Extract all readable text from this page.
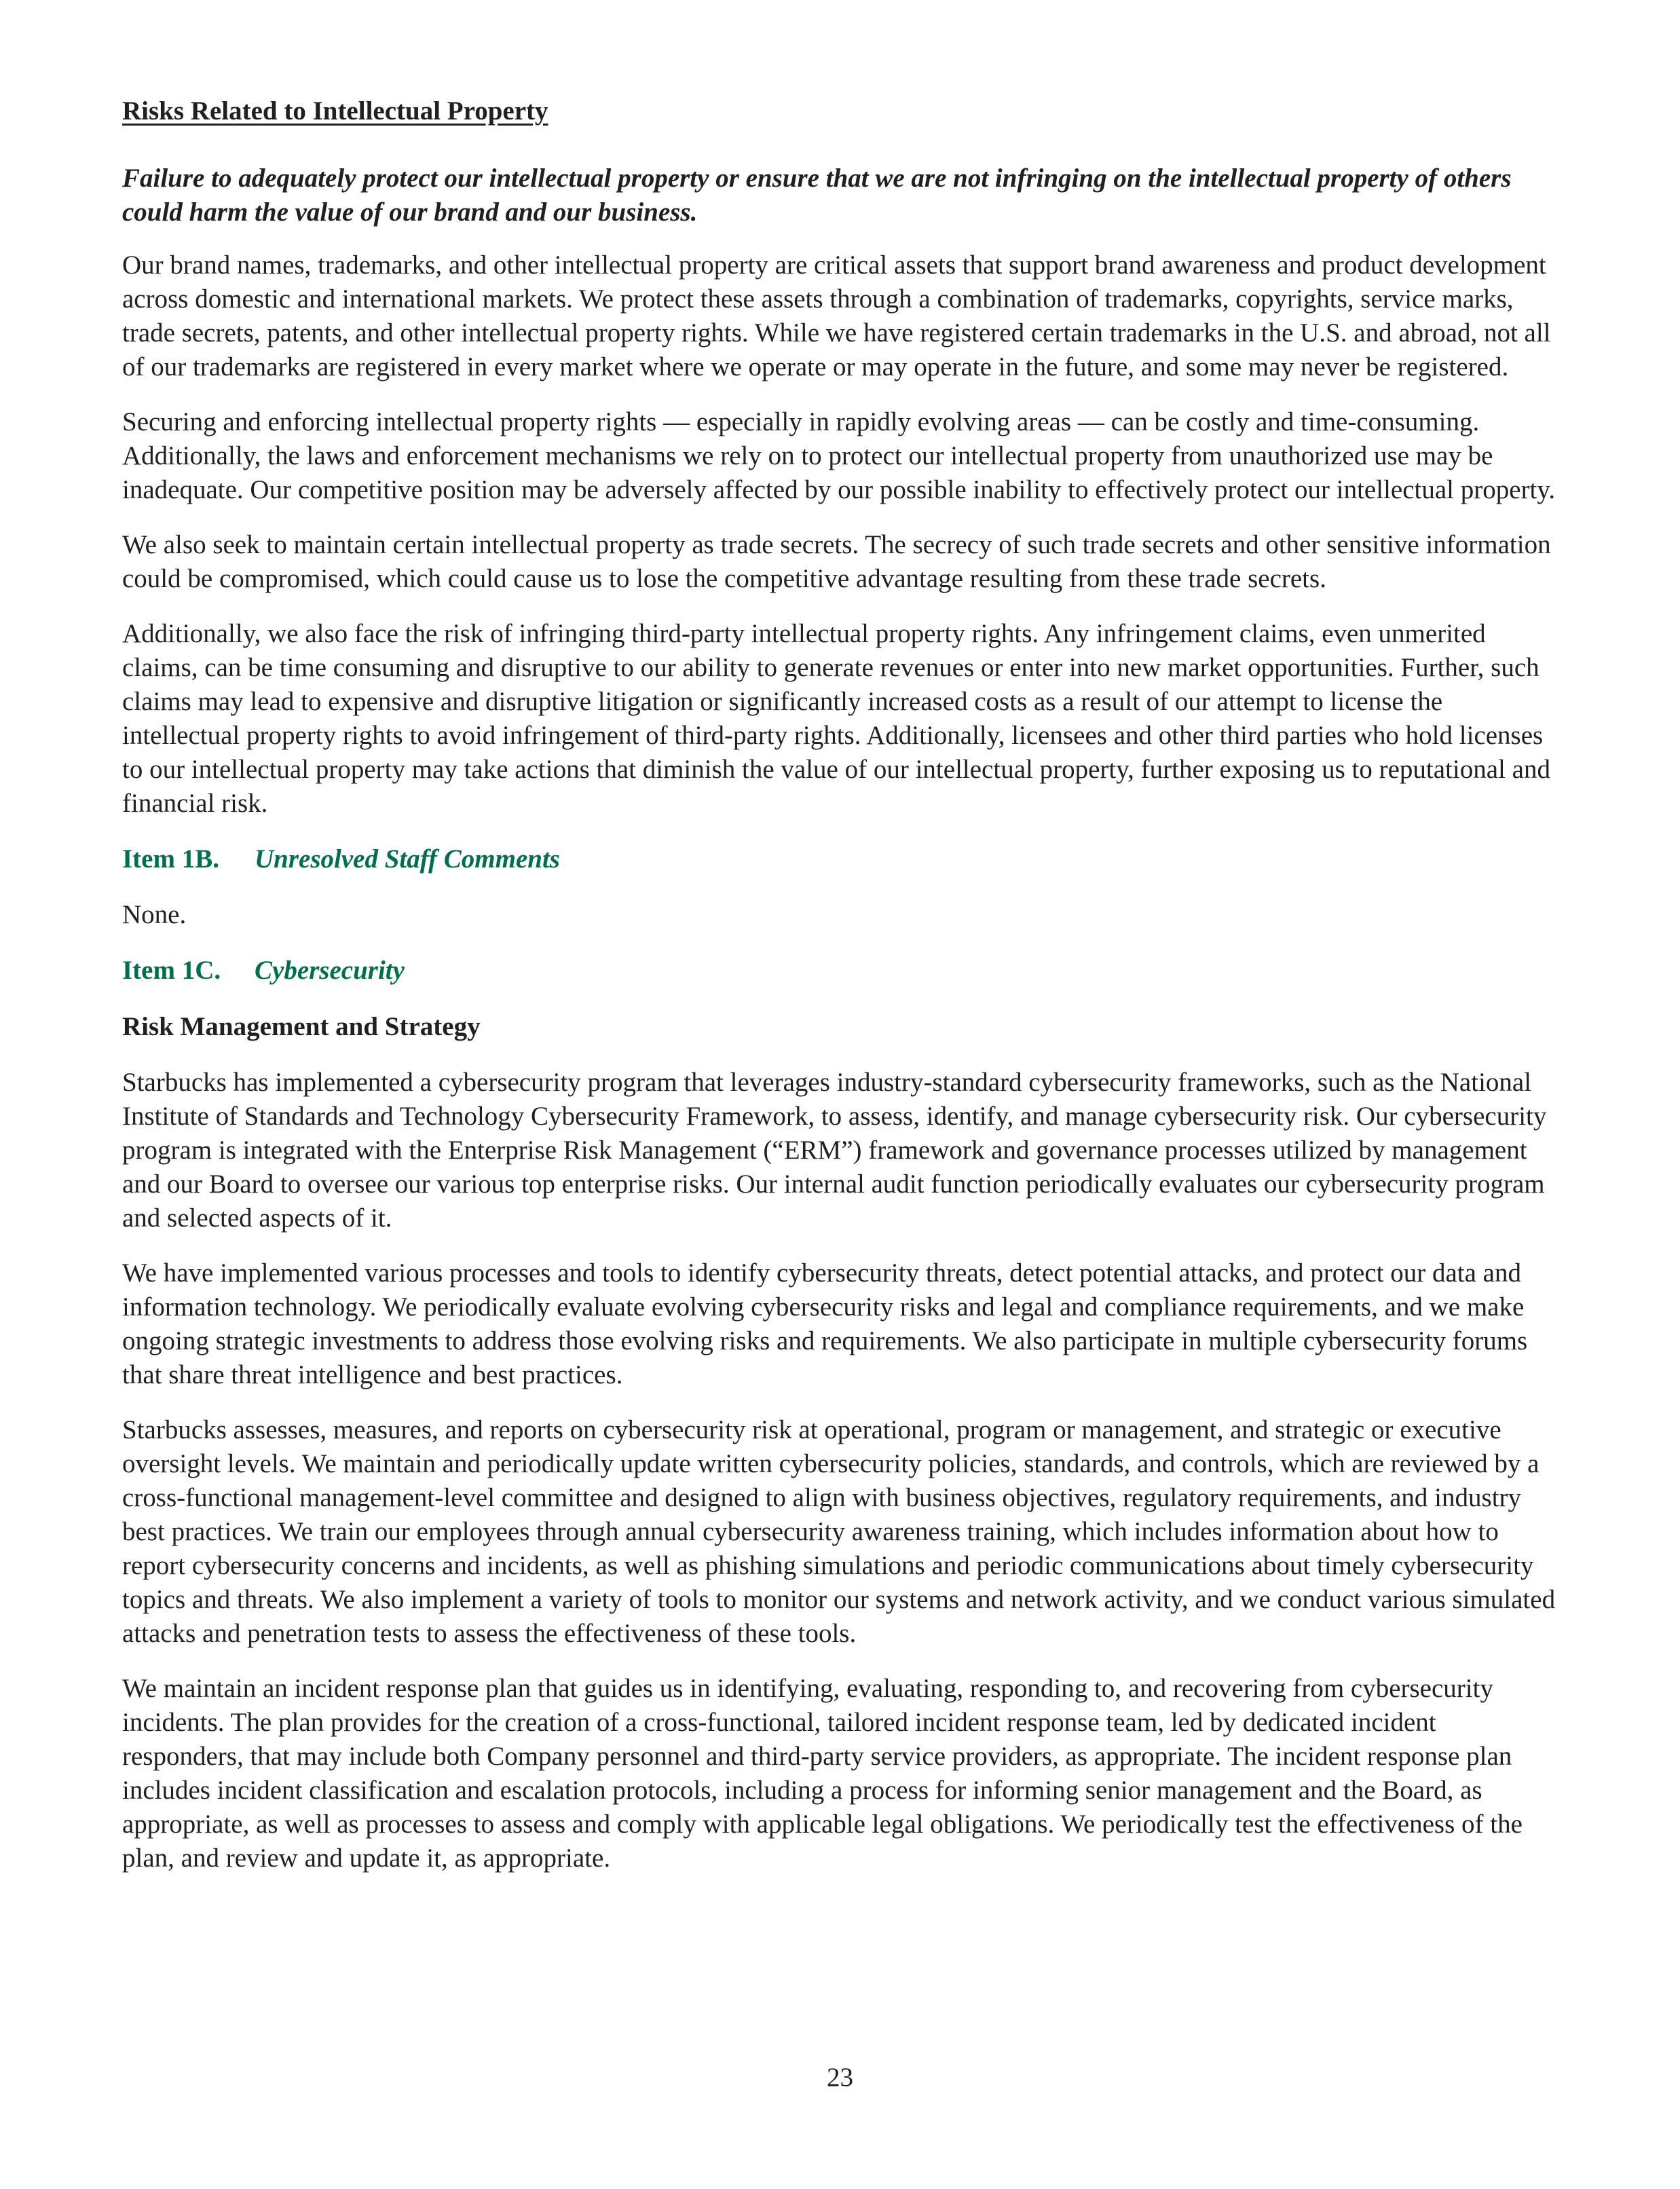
Risks Related to Intellectual Property
Failure to adequately protect our intellectual property or ensure that we are not infringing on the intellectual property of others could harm the value of our brand and our business.

Our brand names, trademarks, and other intellectual property are critical assets that support brand awareness and product development across domestic and international markets. We protect these assets through a combination of trademarks, copyrights, service marks, trade secrets, patents, and other intellectual property rights. While we have registered certain trademarks in the U.S. and abroad, not all of our trademarks are registered in every market where we operate or may operate in the future, and some may never be registered.

Securing and enforcing intellectual property rights — especially in rapidly evolving areas — can be costly and time-consuming. Additionally, the laws and enforcement mechanisms we rely on to protect our intellectual property from unauthorized use may be inadequate. Our competitive position may be adversely affected by our possible inability to effectively protect our intellectual property.

We also seek to maintain certain intellectual property as trade secrets. The secrecy of such trade secrets and other sensitive information could be compromised, which could cause us to lose the competitive advantage resulting from these trade secrets.

Additionally, we also face the risk of infringing third-party intellectual property rights. Any infringement claims, even unmerited claims, can be time consuming and disruptive to our ability to generate revenues or enter into new market opportunities. Further, such claims may lead to expensive and disruptive litigation or significantly increased costs as a result of our attempt to license the intellectual property rights to avoid infringement of third-party rights. Additionally, licensees and other third parties who hold licenses to our intellectual property may take actions that diminish the value of our intellectual property, further exposing us to reputational and financial risk.

Item 1B. Unresolved Staff Comments

None.

Item 1C. Cybersecurity
Risk Management and Strategy

Starbucks has implemented a cybersecurity program that leverages industry-standard cybersecurity frameworks, such as the National Institute of Standards and Technology Cybersecurity Framework, to assess, identify, and manage cybersecurity risk. Our cybersecurity program is integrated with the Enterprise Risk Management (“ERM”) framework and governance processes utilized by management and our Board to oversee our various top enterprise risks. Our internal audit function periodically evaluates our cybersecurity program and selected aspects of it.

We have implemented various processes and tools to identify cybersecurity threats, detect potential attacks, and protect our data and information technology. We periodically evaluate evolving cybersecurity risks and legal and compliance requirements, and we make ongoing strategic investments to address those evolving risks and requirements. We also participate in multiple cybersecurity forums that share threat intelligence and best practices.

Starbucks assesses, measures, and reports on cybersecurity risk at operational, program or management, and strategic or executive oversight levels. We maintain and periodically update written cybersecurity policies, standards, and controls, which are reviewed by a cross-functional management-level committee and designed to align with business objectives, regulatory requirements, and industry best practices. We train our employees through annual cybersecurity awareness training, which includes information about how to report cybersecurity concerns and incidents, as well as phishing simulations and periodic communications about timely cybersecurity topics and threats. We also implement a variety of tools to monitor our systems and network activity, and we conduct various simulated attacks and penetration tests to assess the effectiveness of these tools.

We maintain an incident response plan that guides us in identifying, evaluating, responding to, and recovering from cybersecurity incidents. The plan provides for the creation of a cross-functional, tailored incident response team, led by dedicated incident responders, that may include both Company personnel and third-party service providers, as appropriate. The incident response plan includes incident classification and escalation protocols, including a process for informing senior management and the Board, as appropriate, as well as processes to assess and comply with applicable legal obligations. We periodically test the effectiveness of the plan, and review and update it, as appropriate.

23
